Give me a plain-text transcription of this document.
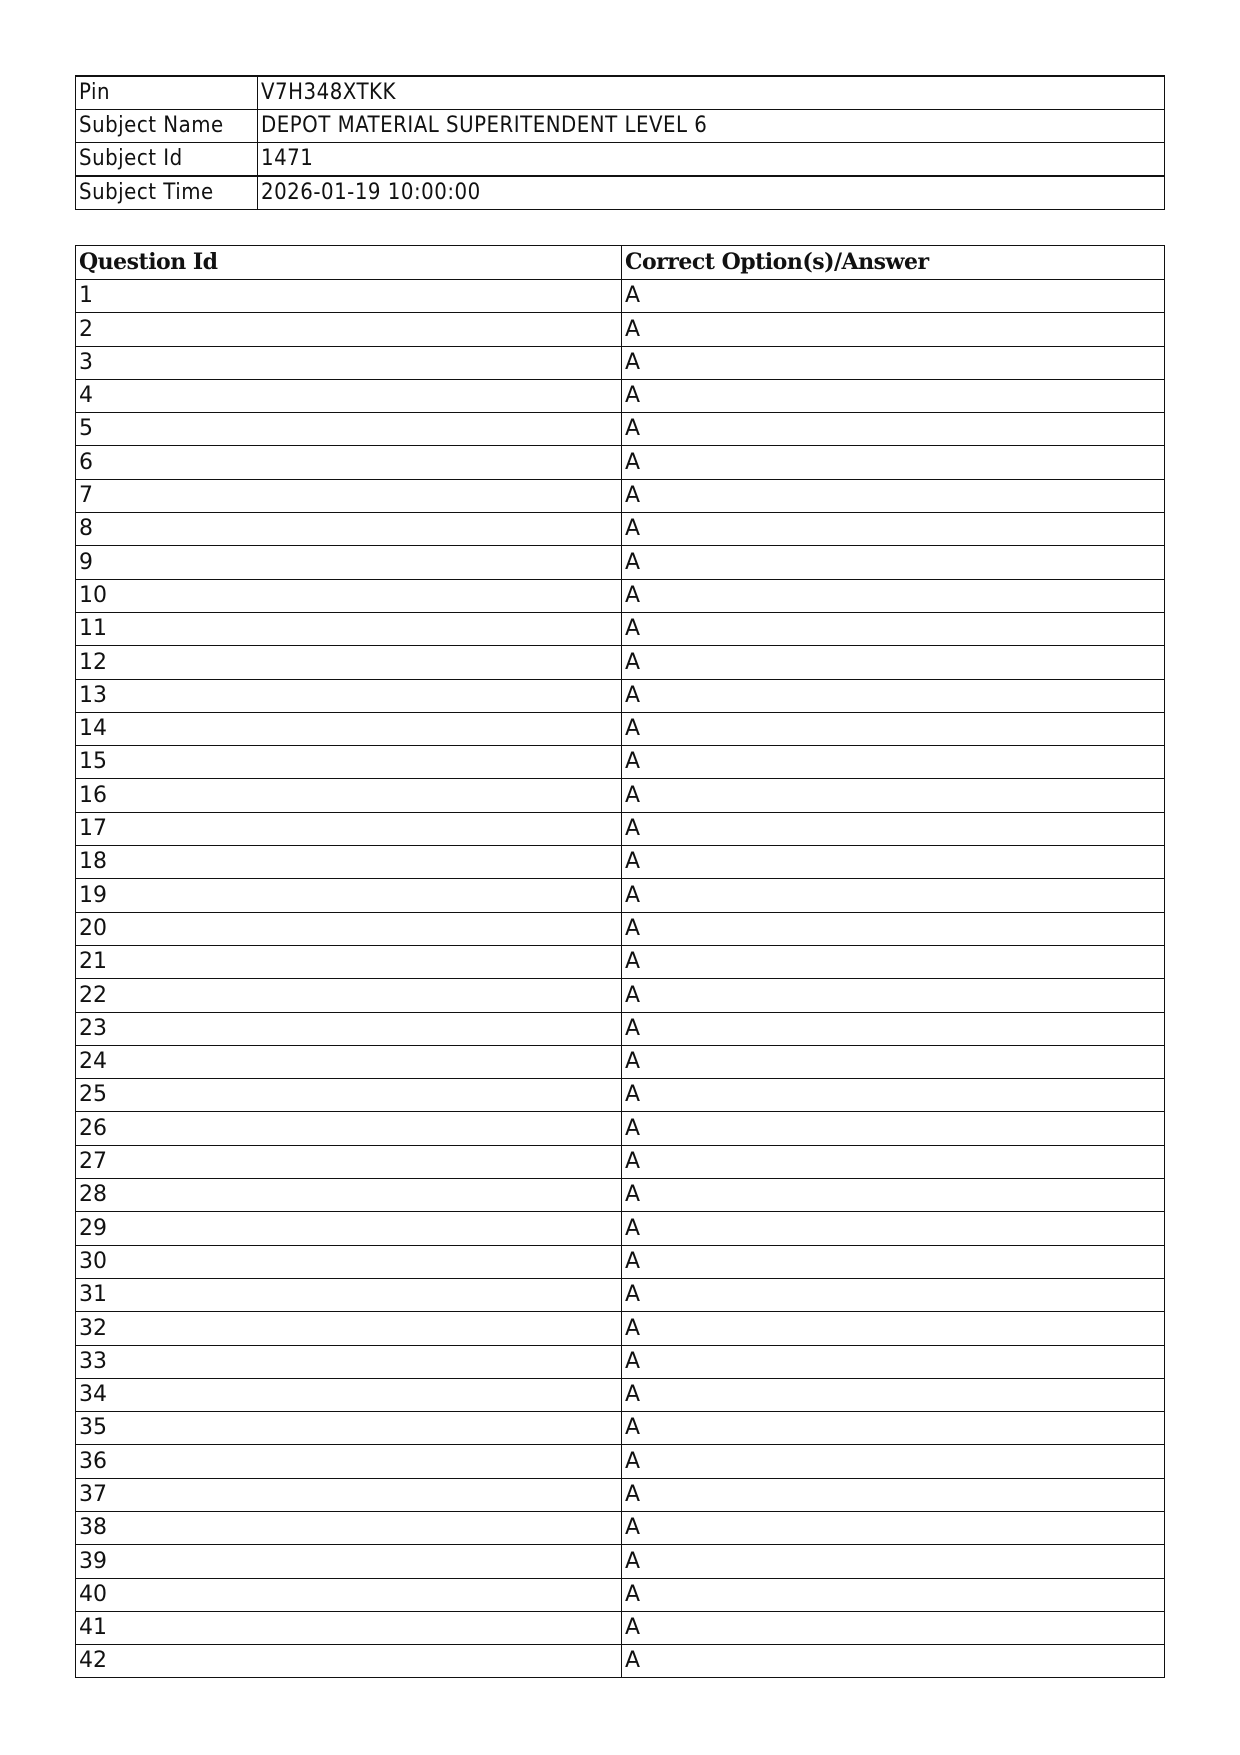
Pin	V7H348XTKK
Subject Name	DEPOT MATERIAL SUPERITENDENT LEVEL 6
Subject Id	1471
Subject Time	2026-01-19 10:00:00
Question Id	Correct Option(s)/Answer
1	A
2	A
3	A
4	A
5	A
6	A
7	A
8	A
9	A
10	A
11	A
12	A
13	A
14	A
15	A
16	A
17	A
18	A
19	A
20	A
21	A
22	A
23	A
24	A
25	A
26	A
27	A
28	A
29	A
30	A
31	A
32	A
33	A
34	A
35	A
36	A
37	A
38	A
39	A
40	A
41	A
42	A
